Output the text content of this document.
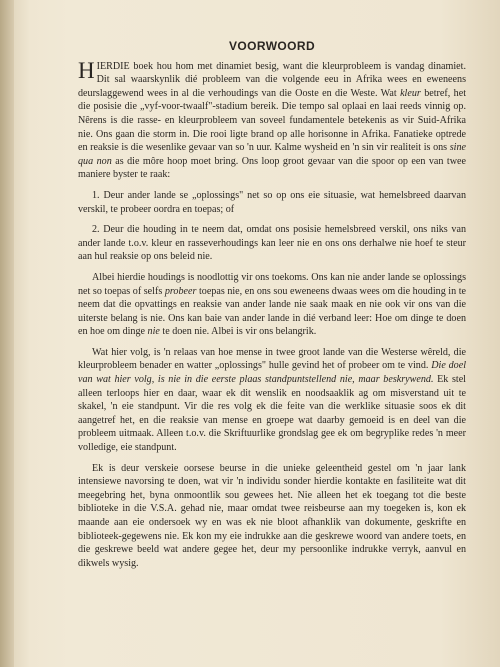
VOORWOORD

HIERDIE boek hou hom met dinamiet besig, want die kleurprobleem is vandag dinamiet. Dit sal waarskynlik dié probleem van die volgende eeu in Afrika wees en eweneens deurslaggewend wees in al die verhoudings van die Ooste en die Weste. Wat kleur betref, het die posisie die „vyf-voor-twaalf"-stadium bereik. Die tempo sal oplaai en laai reeds vinnig op. Nêrens is die rasse- en kleurprobleem van soveel fundamentele betekenis as vir Suid-Afrika nie. Ons gaan die storm in. Die rooi ligte brand op alle horisonne in Afrika. Fanatieke optrede en reaksie is die wesenlike gevaar van so 'n uur. Kalme wysheid en 'n sin vir realiteit is ons sine qua non as die môre hoop moet bring. Ons loop groot gevaar van die spoor op een van twee maniere byster te raak:

1. Deur ander lande se „oplossings" net so op ons eie situasie, wat hemelsbreed daarvan verskil, te probeer oordra en toepas; of

2. Deur die houding in te neem dat, omdat ons posisie hemelsbreed verskil, ons niks van ander lande t.o.v. kleur en rasseverhoudings kan leer nie en ons ons derhalwe nie hoef te steur aan hul reaksie op ons beleid nie.

Albei hierdie houdings is noodlottig vir ons toekoms. Ons kan nie ander lande se oplossings net so toepas of selfs probeer toepas nie, en ons sou eweneens dwaas wees om die houding in te neem dat die opvattings en reaksie van ander lande nie saak maak en nie ook vir ons van die uiterste belang is nie. Ons kan baie van ander lande in dié verband leer: Hoe om dinge te doen en hoe om dinge nie te doen nie. Albei is vir ons belangrik.

Wat hier volg, is 'n relaas van hoe mense in twee groot lande van die Westerse wêreld, die kleurprobleem benader en watter „oplossings" hulle gevind het of probeer om te vind. Die doel van wat hier volg, is nie in die eerste plaas standpuntstellend nie, maar beskrywend. Ek stel alleen terloops hier en daar, waar ek dit wenslik en noodsaaklik ag om misverstand uit te skakel, 'n eie standpunt. Vir die res volg ek die feite van die werklike situasie soos ek dit aangetref het, en die reaksie van mense en groepe wat daarby gemoeid is en deel van die probleem uitmaak. Alleen t.o.v. die Skriftuurlike grondslag gee ek om begryplike redes 'n meer volledige, eie standpunt.

Ek is deur verskeie oorsese beurse in die unieke geleentheid gestel om 'n jaar lank intensiewe navorsing te doen, wat vir 'n individu sonder hierdie kontakte en fasiliteite wat dit meegebring het, byna onmoontlik sou gewees het. Nie alleen het ek toegang tot die beste biblioteke in die V.S.A. gehad nie, maar omdat twee reisbeurse aan my toegeken is, kon ek maande aan eie ondersoek wy en was ek nie bloot afhanklik van dokumente, geskrifte en biblioteek-gegewens nie. Ek kon my eie indrukke aan die geskrewe woord van andere toets, en die geskrewe beeld wat andere gegee het, deur my persoonlike indrukke verryk, aanvul en dikwels wysig.
